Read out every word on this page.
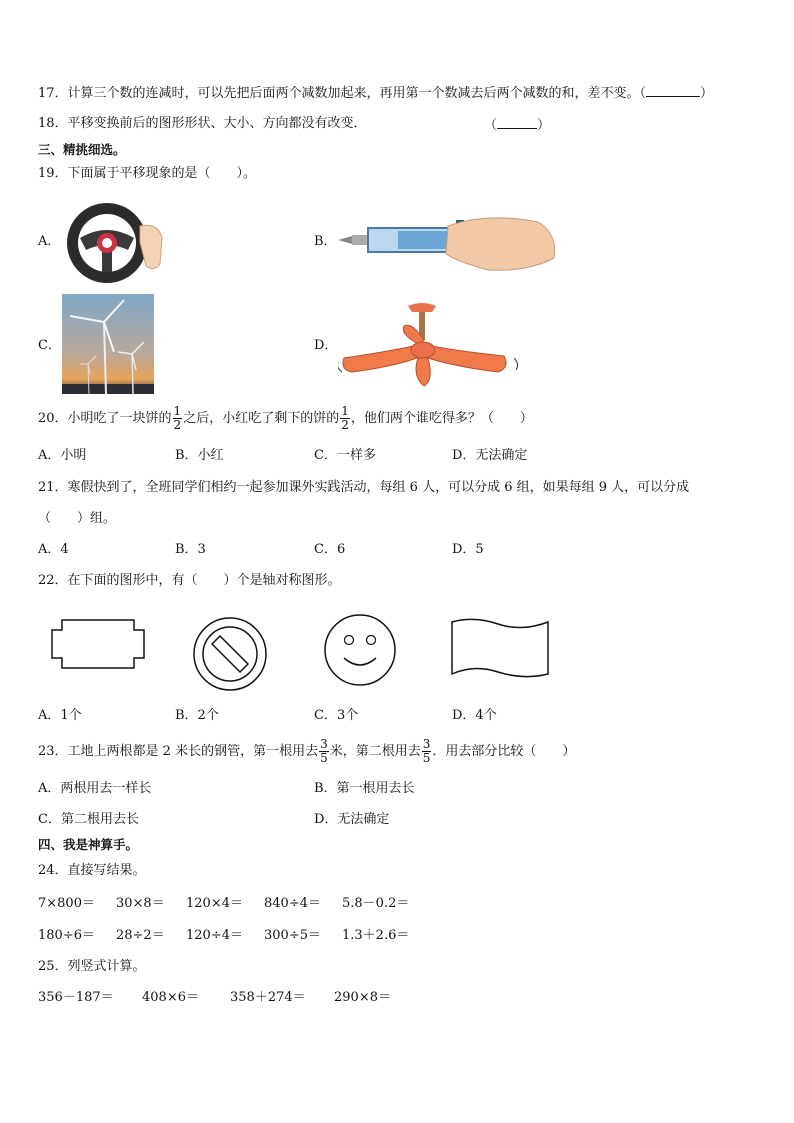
17．计算三个数的连减时，可以先把后面两个减数加起来，再用第一个数减去后两个减数的和，差不变。（	）
18．平移变换前后的图形形状、大小、方向都没有改变．	（	）
三、精挑细选。
19．下面属于平移现象的是（　　）。
A．	B．
C．	D．
20．小明吃了一块饼的 $\frac{1}{2}$ 之后，小红吃了剩下的饼的 $\frac{1}{2}$ ，他们两个谁吃得多？（　　）
A．小明	B．小红	C．一样多	D．无法确定
21．寒假快到了，全班同学们相约一起参加课外实践活动，每组 6 人，可以分成 6 组，如果每组 9 人，可以分成
（　　）组。
A．4	B．3	C．6	D．5
22．在下面的图形中，有（　　）个是轴对称图形。
A．1个	B．2个	C．3个	D．4个
23．工地上两根都是 2 米长的钢管，第一根用去 $\frac{3}{5}$ 米，第二根用去 $\frac{3}{5}$ ．用去部分比较（　　）
A．两根用去一样长	B．第一根用去长
C．第二根用去长	D．无法确定
四、我是神算手。
24．直接写结果。
7×800＝ 30×8＝ 120×4＝ 840÷4＝ 5.8－0.2＝
180÷6＝ 28÷2＝ 120÷4＝ 300÷5＝ 1.3＋2.6＝
25．列竖式计算。
356－187＝ 408×6＝ 358＋274＝ 290×8＝
